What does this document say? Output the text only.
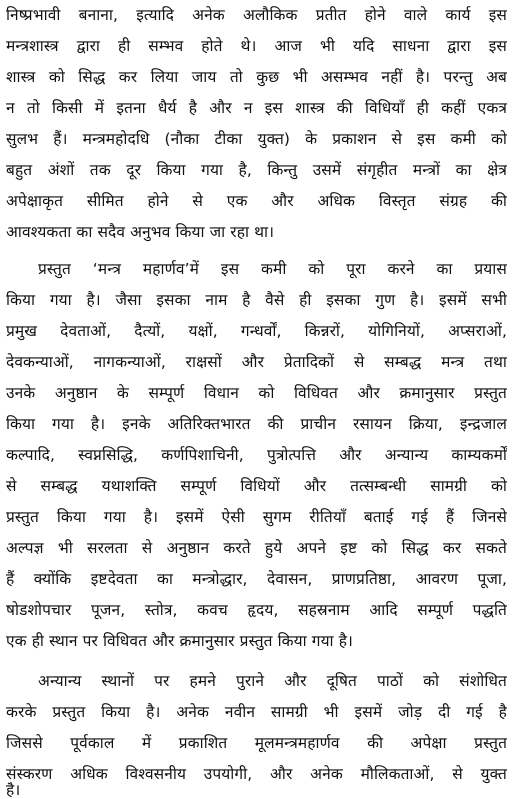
निष्प्रभावी बनाना, इत्यादि अनेक अलौकिक प्रतीत होने वाले कार्य इस
मन्त्रशास्त्र द्वारा ही सम्भव होते थे। आज भी यदि साधना द्वारा इस
शास्त्र को सिद्ध कर लिया जाय तो कुछ भी असम्भव नहीं है। परन्तु अब
न तो किसी में इतना धैर्य है और न इस शास्त्र की विधियाँ ही कहीं एकत्र
सुलभ हैं। मन्त्रमहोदधि (नौका टीका युक्त) के प्रकाशन से इस कमी को
बहुत अंशों तक दूर किया गया है, किन्तु उसमें संगृहीत मन्त्रों का क्षेत्र
अपेक्षाकृत सीमित होने से एक और अधिक विस्तृत संग्रह की
आवश्यकता का सदैव अनुभव किया जा रहा था।
प्रस्तुत ‘मन्त्र महार्णव’में इस कमी को पूरा करने का प्रयास
किया गया है। जैसा इसका नाम है वैसे ही इसका गुण है। इसमें सभी
प्रमुख देवताओं, दैत्यों, यक्षों, गन्धर्वों, किन्नरों, योगिनियों, अप्सराओं,
देवकन्याओं, नागकन्याओं, राक्षसों और प्रेतादिकों से सम्बद्ध मन्त्र तथा
उनके अनुष्ठान के सम्पूर्ण विधान को विधिवत और क्रमानुसार प्रस्तुत
किया गया है। इनके अतिरिक्तभारत की प्राचीन रसायन क्रिया, इन्द्रजाल
कल्पादि, स्वप्नसिद्धि, कर्णपिशाचिनी, पुत्रोत्पत्ति और अन्यान्य काम्यकर्मों
से सम्बद्ध यथाशक्ति सम्पूर्ण विधियों और तत्सम्बन्धी सामग्री को
प्रस्तुत किया गया है। इसमें ऐसी सुगम रीतियाँ बताई गई हैं जिनसे
अल्पज्ञ भी सरलता से अनुष्ठान करते हुये अपने इष्ट को सिद्ध कर सकते
हैं क्योंकि इष्टदेवता का मन्त्रोद्धार, देवासन, प्राणप्रतिष्ठा, आवरण पूजा,
षोडशोपचार पूजन, स्तोत्र, कवच हृदय, सहस्रनाम आदि सम्पूर्ण पद्धति
एक ही स्थान पर विधिवत और क्रमानुसार प्रस्तुत किया गया है।
अन्यान्य स्थानों पर हमने पुराने और दूषित पाठों को संशोधित
करके प्रस्तुत किया है। अनेक नवीन सामग्री भी इसमें जोड़ दी गई है
जिससे पूर्वकाल में प्रकाशित मूलमन्त्रमहार्णव की अपेक्षा प्रस्तुत
संस्करण अधिक विश्वसनीय उपयोगी, और अनेक मौलिकताओं, से युक्त
है।
